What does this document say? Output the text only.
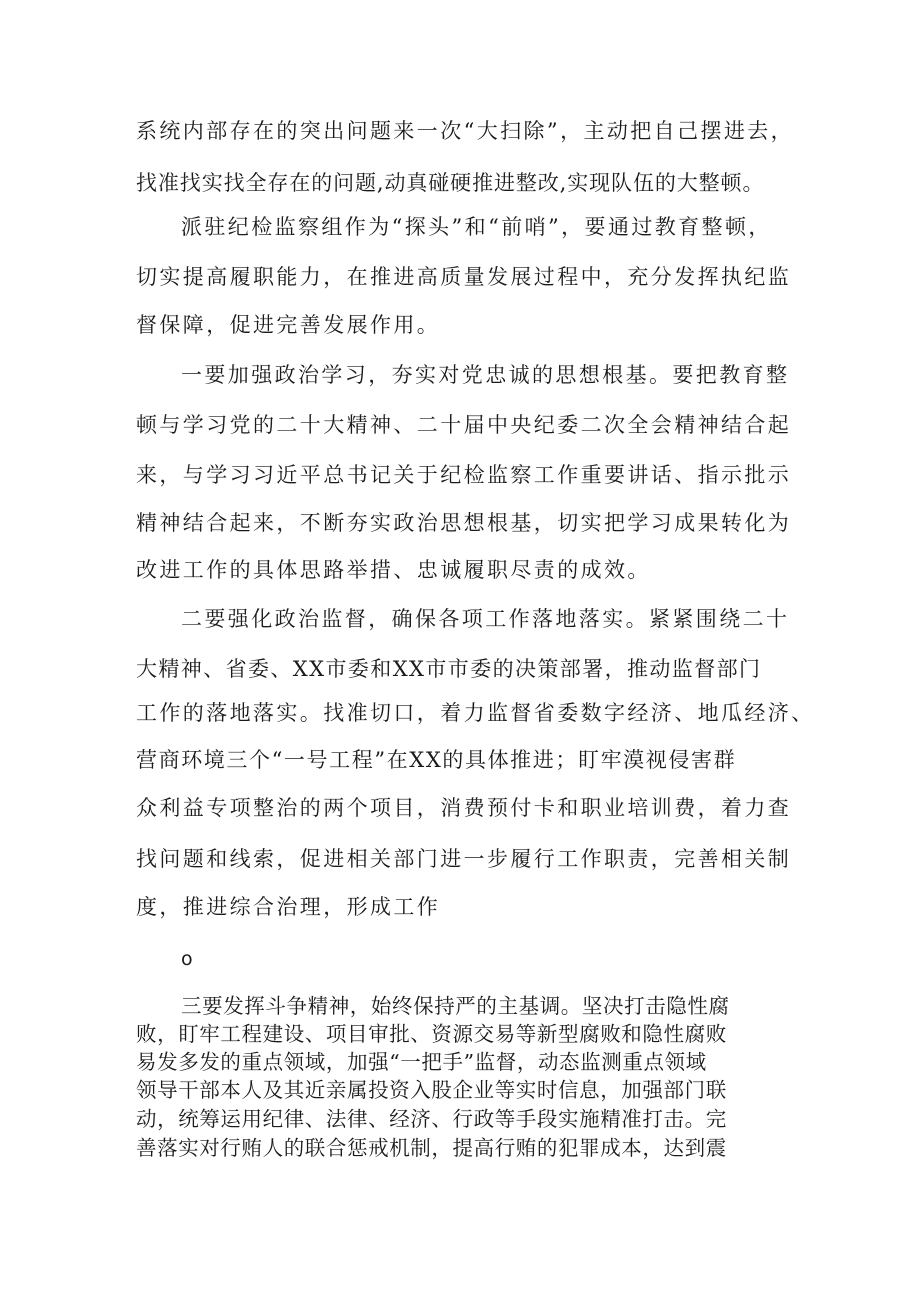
系统内部存在的突出问题来一次“大扫除”，主动把自己摆进去，
找准找实找全存在的问题,动真碰硬推进整改,实现队伍的大整顿。
派驻纪检监察组作为“探头”和“前哨”，要通过教育整顿，
切实提高履职能力，在推进高质量发展过程中，充分发挥执纪监
督保障，促进完善发展作用。
一要加强政治学习，夯实对党忠诚的思想根基。要把教育整
顿与学习党的二十大精神、二十届中央纪委二次全会精神结合起
来，与学习习近平总书记关于纪检监察工作重要讲话、指示批示
精神结合起来，不断夯实政治思想根基，切实把学习成果转化为
改进工作的具体思路举措、忠诚履职尽责的成效。
二要强化政治监督，确保各项工作落地落实。紧紧围绕二十
大精神、省委、XX市委和XX市市委的决策部署，推动监督部门
工作的落地落实。找准切口，着力监督省委数字经济、地瓜经济、
营商环境三个“一号工程”在XX的具体推进；盯牢漠视侵害群
众利益专项整治的两个项目，消费预付卡和职业培训费，着力查
找问题和线索，促进相关部门进一步履行工作职责，完善相关制
度，推进综合治理，形成工作
o
三要发挥斗争精神，始终保持严的主基调。坚决打击隐性腐
败，盯牢工程建设、项目审批、资源交易等新型腐败和隐性腐败
易发多发的重点领域，加强“一把手”监督，动态监测重点领域
领导干部本人及其近亲属投资入股企业等实时信息，加强部门联
动，统筹运用纪律、法律、经济、行政等手段实施精准打击。完
善落实对行贿人的联合惩戒机制，提高行贿的犯罪成本，达到震
